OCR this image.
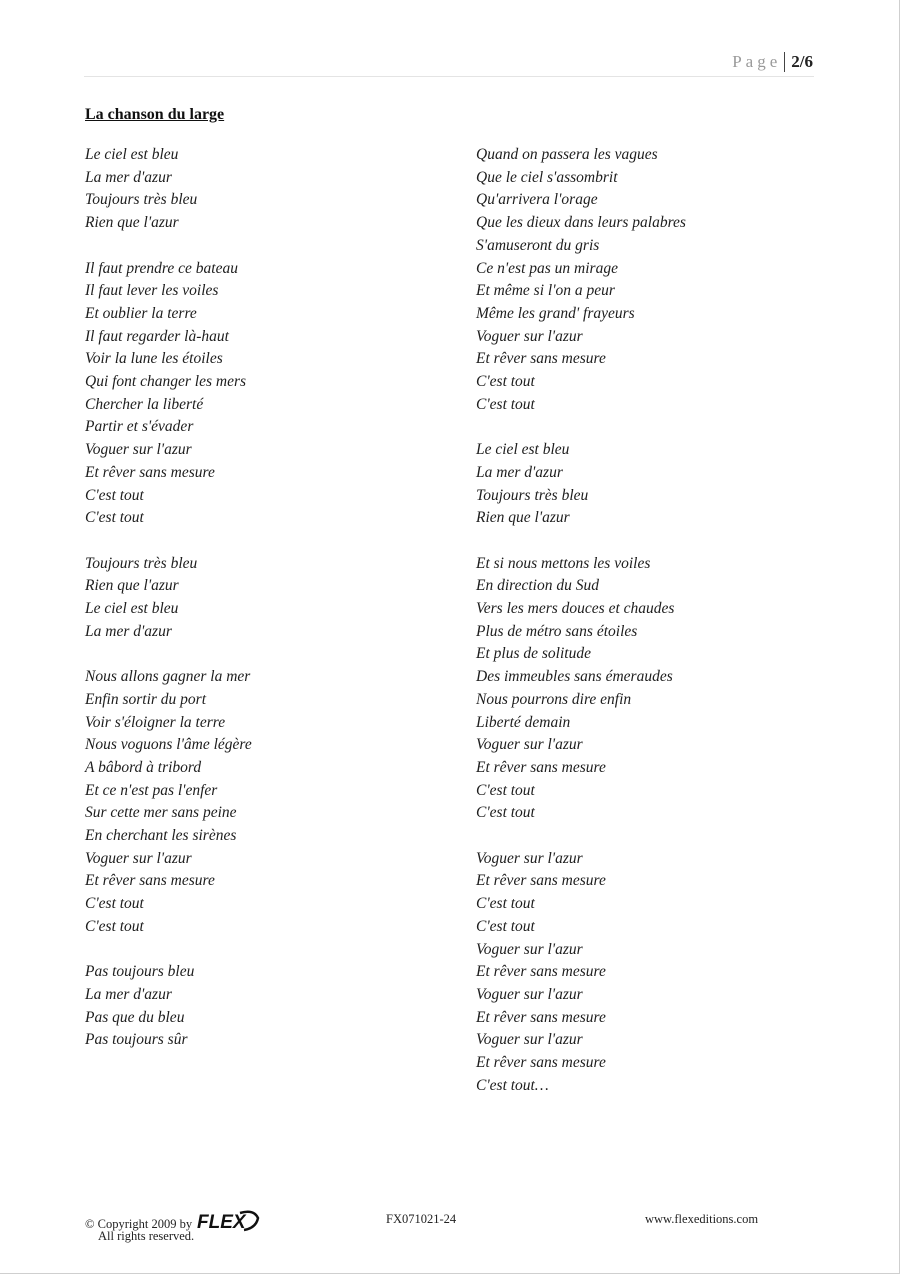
Page 2/6
La chanson du large
Le ciel est bleu
La mer d'azur
Toujours très bleu
Rien que l'azur
Il faut prendre ce bateau
Il faut lever les voiles
Et oublier la terre
Il faut regarder là-haut
Voir la lune les étoiles
Qui font changer les mers
Chercher la liberté
Partir et s'évader
Voguer sur l'azur
Et rêver sans mesure
C'est tout
C'est tout
Toujours très bleu
Rien que l'azur
Le ciel est bleu
La mer d'azur
Nous allons gagner la mer
Enfin sortir du port
Voir s'éloigner la terre
Nous voguons l'âme légère
A bâbord à tribord
Et ce n'est pas l'enfer
Sur cette mer sans peine
En cherchant les sirènes
Voguer sur l'azur
Et rêver sans mesure
C'est tout
C'est tout
Pas toujours bleu
La mer d'azur
Pas que du bleu
Pas toujours sûr
Quand on passera les vagues
Que le ciel s'assombrit
Qu'arrivera l'orage
Que les dieux dans leurs palabres
S'amuseront du gris
Ce n'est pas un mirage
Et même si l'on a peur
Même les grand' frayeurs
Voguer sur l'azur
Et rêver sans mesure
C'est tout
C'est tout
Le ciel est bleu
La mer d'azur
Toujours très bleu
Rien que l'azur
Et si nous mettons les voiles
En direction du Sud
Vers les mers douces et chaudes
Plus de métro sans étoiles
Et plus de solitude
Des immeubles sans émeraudes
Nous pourrons dire enfin
Liberté demain
Voguer sur l'azur
Et rêver sans mesure
C'est tout
C'est tout
Voguer sur l'azur
Et rêver sans mesure
C'est tout
C'est tout
Voguer sur l'azur
Et rêver sans mesure
Voguer sur l'azur
Et rêver sans mesure
Voguer sur l'azur
Et rêver sans mesure
C'est tout…
© Copyright 2009 by FLEX
All rights reserved.
FX071021-24	www.flexeditions.com
